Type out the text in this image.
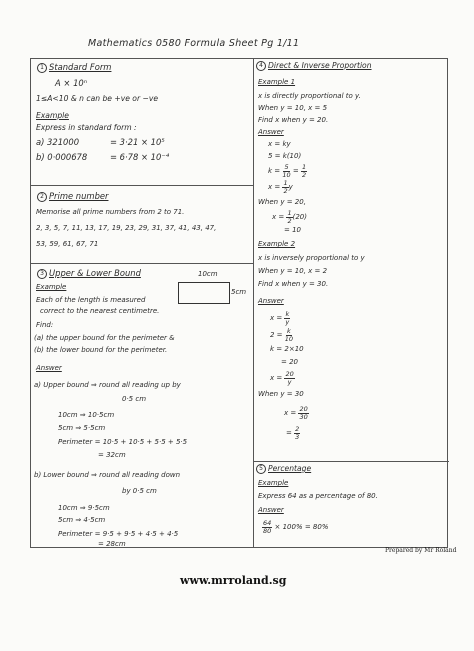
Mathematics 0580 Formula Sheet Pg 1/11
1 Standard Form
A × 10ⁿ
1≤A<10 & n can be +ve or −ve
Example
Express in standard form :
a) 321000	= 3·21 × 10⁵
b) 0·000678	= 6·78 × 10⁻⁴
2 Prime number
Memorise all prime numbers from 2 to 71.
2, 3, 5, 7, 11, 13, 17, 19, 23, 29, 31, 37, 41, 43, 47,
53, 59, 61, 67, 71
3 Upper & Lower Bound	10cm
5cm
Example
Each of the length is measured
correct to the nearest centimetre.
Find:
(a) the upper bound for the perimeter &
(b) the lower bound for the perimeter.
Answer
a) Upper bound ⇒ round all reading up by
0·5 cm
10cm ⇒ 10·5cm
5cm ⇒ 5·5cm
Perimeter = 10·5 + 10·5 + 5·5 + 5·5
= 32cm
b) Lower bound ⇒ round all reading down
by 0·5 cm
10cm ⇒ 9·5cm
5cm ⇒ 4·5cm
Perimeter = 9·5 + 9·5 + 4·5 + 4·5
= 28cm
4 Direct & Inverse Proportion
Example 1
x is directly proportional to y.
When y = 10, x = 5
Find x when y = 20.
Answer
x = ky
5 = k(10)
$k = \frac{5}{10} = \frac{1}{2}$
$x = \frac{1}{2}$ y
When y = 20,
$x = \frac{1}{2} (20)$
= 10
Example 2
x is inversely proportional to y
When y = 10, x = 2
Find x when y = 30.
Answer
$x = \frac{k}{y}$
$2 = \frac{k}{10}$
k = 2×10
= 20
$x = \frac{20}{y}$
When y = 30
$x = \frac{20}{30}$
= $\frac{2}{3}$
5 Percentage
Example
Express 64 as a percentage of 80.
Answer
$\frac{64}{80} \times 100\% = 80\%$
Prepared by Mr Roland
www.mrroland.sg
